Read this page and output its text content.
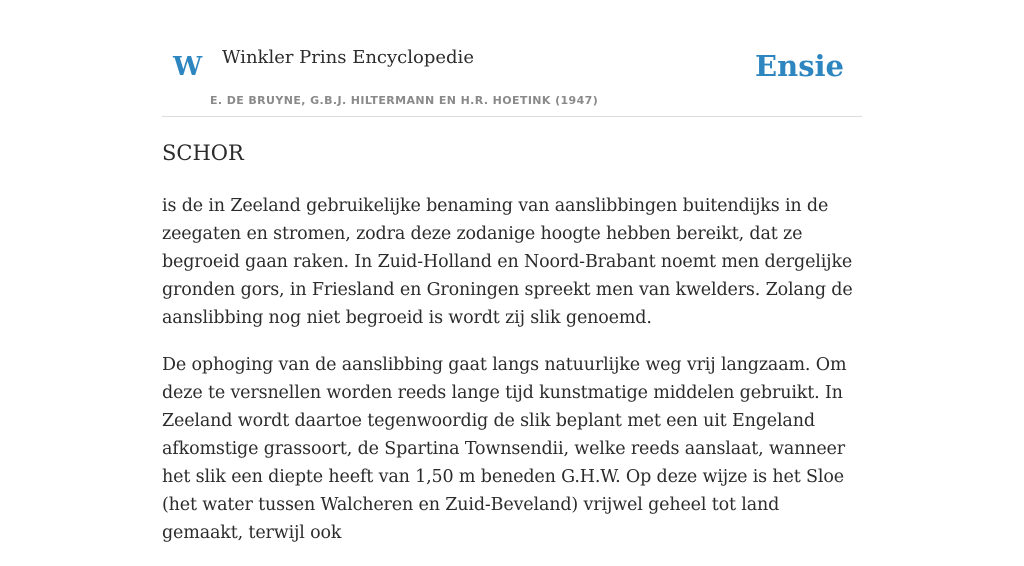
W Winkler Prins Encyclopedie
E. DE BRUYNE, G.B.J. HILTERMANN EN H.R. HOETINK (1947)
Ensie
SCHOR

is de in Zeeland gebruikelijke benaming van aanslibbingen buitendijks in de zeegaten en stromen, zodra deze zodanige hoogte hebben bereikt, dat ze begroeid gaan raken. In Zuid-Holland en Noord-Brabant noemt men dergelijke gronden gors, in Friesland en Groningen spreekt men van kwelders. Zolang de aanslibbing nog niet begroeid is wordt zij slik genoemd.

De ophoging van de aanslibbing gaat langs natuurlijke weg vrij langzaam. Om deze te versnellen worden reeds lange tijd kunstmatige middelen gebruikt. In Zeeland wordt daartoe tegenwoordig de slik beplant met een uit Engeland afkomstige grassoort, de Spartina Townsendii, welke reeds aanslaat, wanneer het slik een diepte heeft van 1,50 m beneden G.H.W. Op deze wijze is het Sloe (het water tussen Walcheren en Zuid-Beveland) vrijwel geheel tot land gemaakt, terwijl ook
